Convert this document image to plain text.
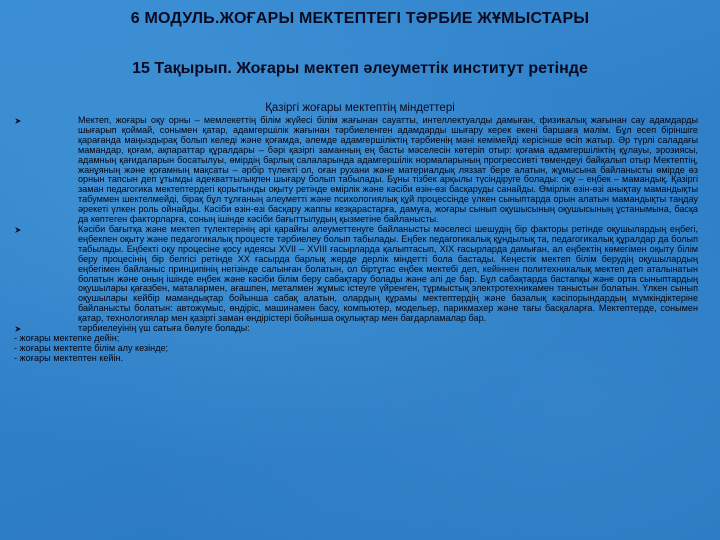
6 МОДУЛЬ.ЖОҒАРЫ МЕКТЕПТЕГІ ТӘРБИЕ ЖҰМЫСТАРЫ
15 Тақырып. Жоғары мектеп әлеуметтік институт ретінде
Қазіргі жоғары мектептің міндеттері
Мектеп, жоғары оқу орны – мемлекеттің білім жүйесі білім жағынан сауатты, интеллектуалды дамыған, физикалық жағынан сау адамдарды шығарып қоймай, сонымен қатар, адамгершілік жағынан тәрбиеленген адамдарды шығару керек екені баршаға мәлім. Бұл есеп біріншіге қарағанда маңыздырақ болып келеді және қоғамда, әлемде адамгершіліктің тәрбиенің мәні кемімейді керісінше өсіп жатыр. Әр түрлі саладағы мамандар, қоғам, ақпараттар құралдары – бәрі қазіргі заманның ең басты мәселесін көтеріп отыр: қоғама адамгершіліктің құлауы, эрозиясы, адамның қағидаларын босатылуы, өмірдің барлық салаларында адамгершілік нормаларының прогрессивті төмендеуі байқалып отыр Мектептің, жанұяның және қоғамның мақсаты – әрбір түлекті ол, оған рухани және материалдық ляззат бере алатын, жұмысына байланысты өмірде өз орнын тапсын деп ұтымды адекваттылықпен шығару болып табылады. Бұны тізбек арқылы түсіндіруге болады: оқу – еңбек – мамандық. Қазіргі заман педагогика мектептердегі қорытынды оқыту ретінде өмірлік және кәсіби өзін-өзі басқаруды санайды. Өмірлік өзін-өзі анықтау мамандықты табуммен шектелмейді, бірақ бұл тұлғаның әлеуметті және психологиялық құй процессінде үлкен сыныптарда орын алатын мамандықты таңдау әрекеті үлкен роль ойнайды. Кәсіби өзін-өзі басқару жаппы кезқарастарға, дамуға, жоғары сынып оқушысының оқушысының ұстанымына, басқа да көптеген факторларға, соның ішінде кәсіби бағыттылудың қызметіне байланысты.
Кәсіби бағытқа және мектеп түлектерінің әрі қарайғы әлеуметтенуге байланысты мәселесі шешудің бір факторы ретінде оқушылардың еңбегі, еңбекпен оқыту және педагогикалық процесте тәрбиелеу болып табылады. Еңбек педагогикалық құндылық та, педагогикалық құралдар да болып табылады. Еңбекті оқу процесіне қосу идеясы XVII – XVIII ғасырларда қалыптасып, XIX ғасырларда дамыған, ал еңбектің көмегімен оқыту білім беру процесінің бір белгісі ретінде ХХ ғасырда барлық жерде дерлік міндетті бола бастады. Кеңестік мектеп білім берудің оқушылардың еңбегімен байланыс принципінің негізінде салынған болатын, ол біртұтас еңбек мектебі деп, кейіннен политехникалық мектеп деп аталынатын болатын және оның ішінде еңбек және кәсіби білім беру сабақтару болады және әлі де бар. Бұл сабақтарда бастапқы және орта сыныптардың оқушылары қағазбен, маталармен, ағашпен, металмен жұмыс істеуге үйренген, тұрмыстық электротехникамен таныстын болатын. Үлкен сынып оқушылары кейбір мамандықтар бойынша сабақ алатын, олардың құрамы мектептердің және базалық кәсіпорындардың мүмкіндіктеріне байланысты болатын: автожүмыс, өндіріс, машинамен басу, компьютер, модельер, парикмахер және тағы басқаларға. Мектептерде, сонымен қатар, технологиялар мен қазіргі заман өндірістері бойынша оқулықтар мен бағдарламалар бар.
тәрбиелеуінің үш сатыға бөлуге болады:
- жоғары мектепке дейін;
- жоғары мектепте білім алу кезінде;
- жоғары мектептен кейін.
